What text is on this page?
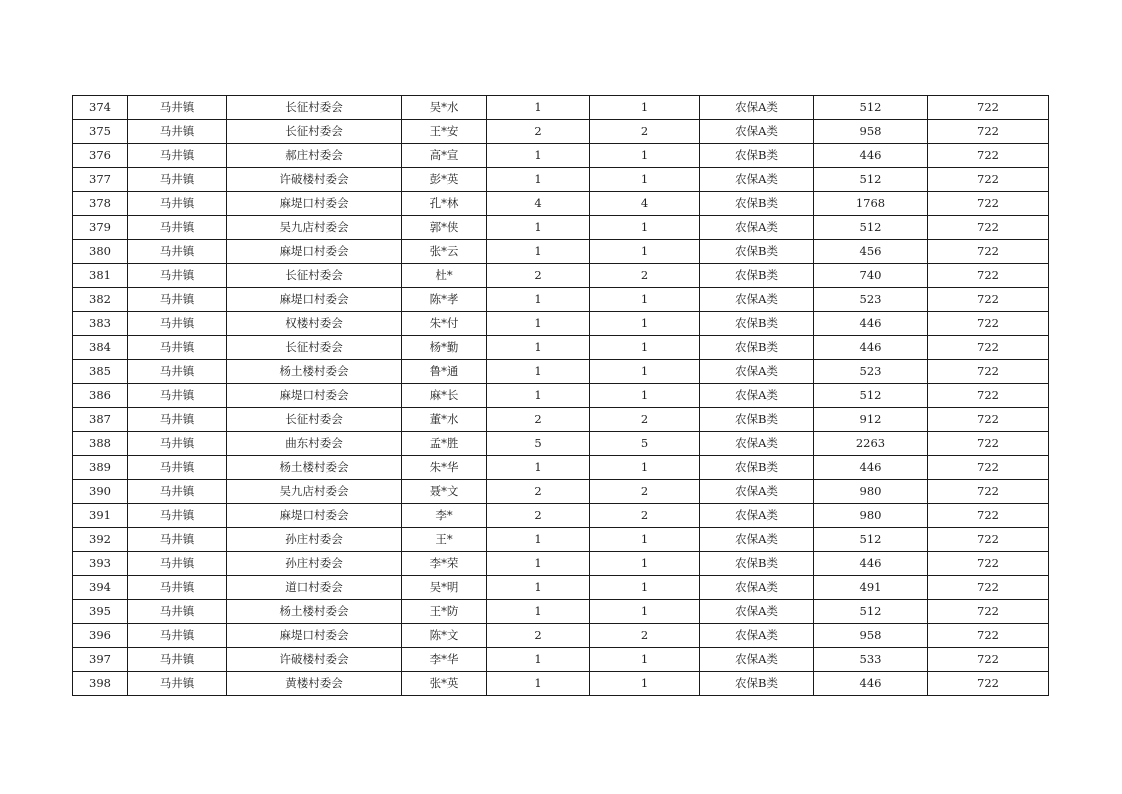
374	马井镇	长征村委会	吴*水	1	1	农保A类	512	722
375	马井镇	长征村委会	王*安	2	2	农保A类	958	722
376	马井镇	郝庄村委会	高*宣	1	1	农保B类	446	722
377	马井镇	许破楼村委会	彭*英	1	1	农保A类	512	722
378	马井镇	麻堤口村委会	孔*林	4	4	农保B类	1768	722
379	马井镇	吴九店村委会	郭*侠	1	1	农保A类	512	722
380	马井镇	麻堤口村委会	张*云	1	1	农保B类	456	722
381	马井镇	长征村委会	杜*	2	2	农保B类	740	722
382	马井镇	麻堤口村委会	陈*孝	1	1	农保A类	523	722
383	马井镇	权楼村委会	朱*付	1	1	农保B类	446	722
384	马井镇	长征村委会	杨*勤	1	1	农保B类	446	722
385	马井镇	杨土楼村委会	鲁*通	1	1	农保A类	523	722
386	马井镇	麻堤口村委会	麻*长	1	1	农保A类	512	722
387	马井镇	长征村委会	董*水	2	2	农保B类	912	722
388	马井镇	曲东村委会	孟*胜	5	5	农保A类	2263	722
389	马井镇	杨土楼村委会	朱*华	1	1	农保B类	446	722
390	马井镇	吴九店村委会	聂*文	2	2	农保A类	980	722
391	马井镇	麻堤口村委会	李*	2	2	农保A类	980	722
392	马井镇	孙庄村委会	王*	1	1	农保A类	512	722
393	马井镇	孙庄村委会	李*荣	1	1	农保B类	446	722
394	马井镇	道口村委会	吴*明	1	1	农保A类	491	722
395	马井镇	杨土楼村委会	王*防	1	1	农保A类	512	722
396	马井镇	麻堤口村委会	陈*文	2	2	农保A类	958	722
397	马井镇	许破楼村委会	李*华	1	1	农保A类	533	722
398	马井镇	黄楼村委会	张*英	1	1	农保B类	446	722
